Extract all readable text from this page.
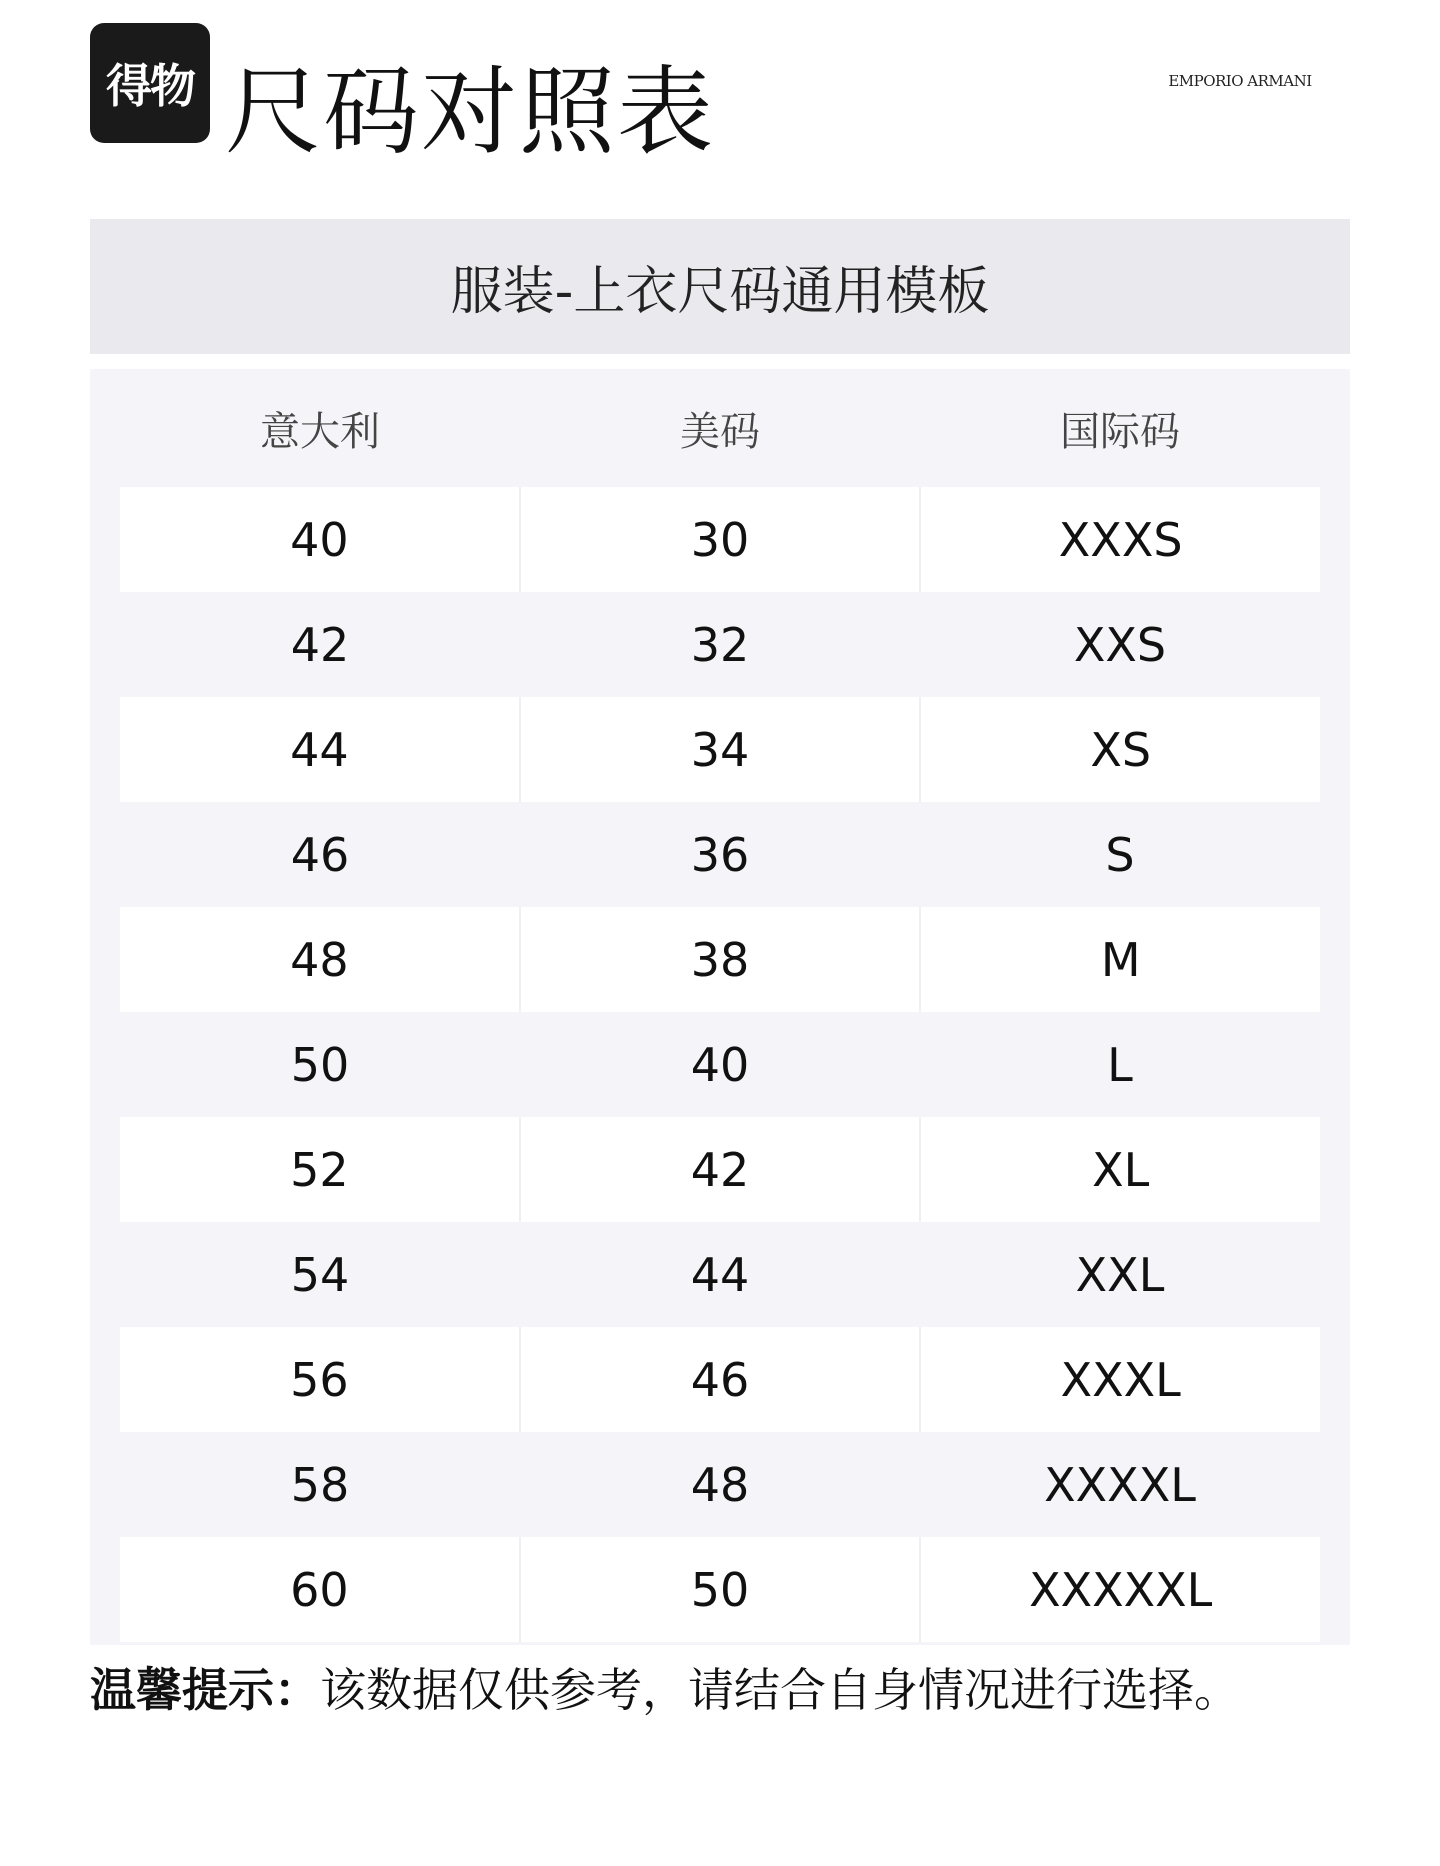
得物 尺码对照表	EMPORIO ARMANI
服装-上衣尺码通用模板
意大利	美码	国际码
40	30	XXXS
42	32	XXS
44	34	XS
46	36	S
48	38	M
50	40	L
52	42	XL
54	44	XXL
56	46	XXXL
58	48	XXXXL
60	50	XXXXXL
温馨提示：该数据仅供参考，请结合自身情况进行选择。
